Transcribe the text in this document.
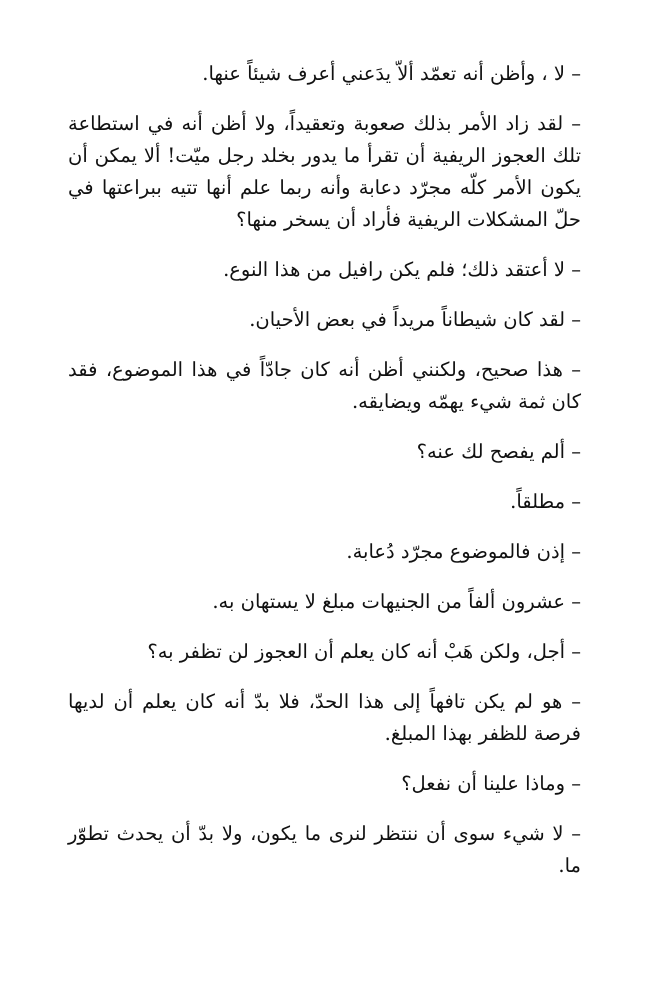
– لا ، وأظن أنه تعمّد ألاّ يدَعني أعرف شيئاً عنها.

– لقد زاد الأمر بذلك صعوبة وتعقيداً، ولا أظن أنه في استطاعة تلك العجوز الريفية أن تقرأ ما يدور بخلد رجل ميّت! ألا يمكن أن يكون الأمر كلّه مجرّد دعابة وأنه ربما علم أنها تتيه ببراعتها في حلّ المشكلات الريفية فأراد أن يسخر منها؟

– لا أعتقد ذلك؛ فلم يكن رافيل من هذا النوع.

– لقد كان شيطاناً مريداً في بعض الأحيان.

– هذا صحيح، ولكنني أظن أنه كان جادّاً في هذا الموضوع، فقد كان ثمة شيء يهمّه ويضايقه.

– ألم يفصح لك عنه؟

– مطلقاً.

– إذن فالموضوع مجرّد دُعابة.

– عشرون ألفاً من الجنيهات مبلغ لا يستهان به.

– أجل، ولكن هَبْ أنه كان يعلم أن العجوز لن تظفر به؟

– هو لم يكن تافهاً إلى هذا الحدّ، فلا بدّ أنه كان يعلم أن لديها فرصة للظفر بهذا المبلغ.

– وماذا علينا أن نفعل؟

– لا شيء سوى أن ننتظر لنرى ما يكون، ولا بدّ أن يحدث تطوّر ما.
